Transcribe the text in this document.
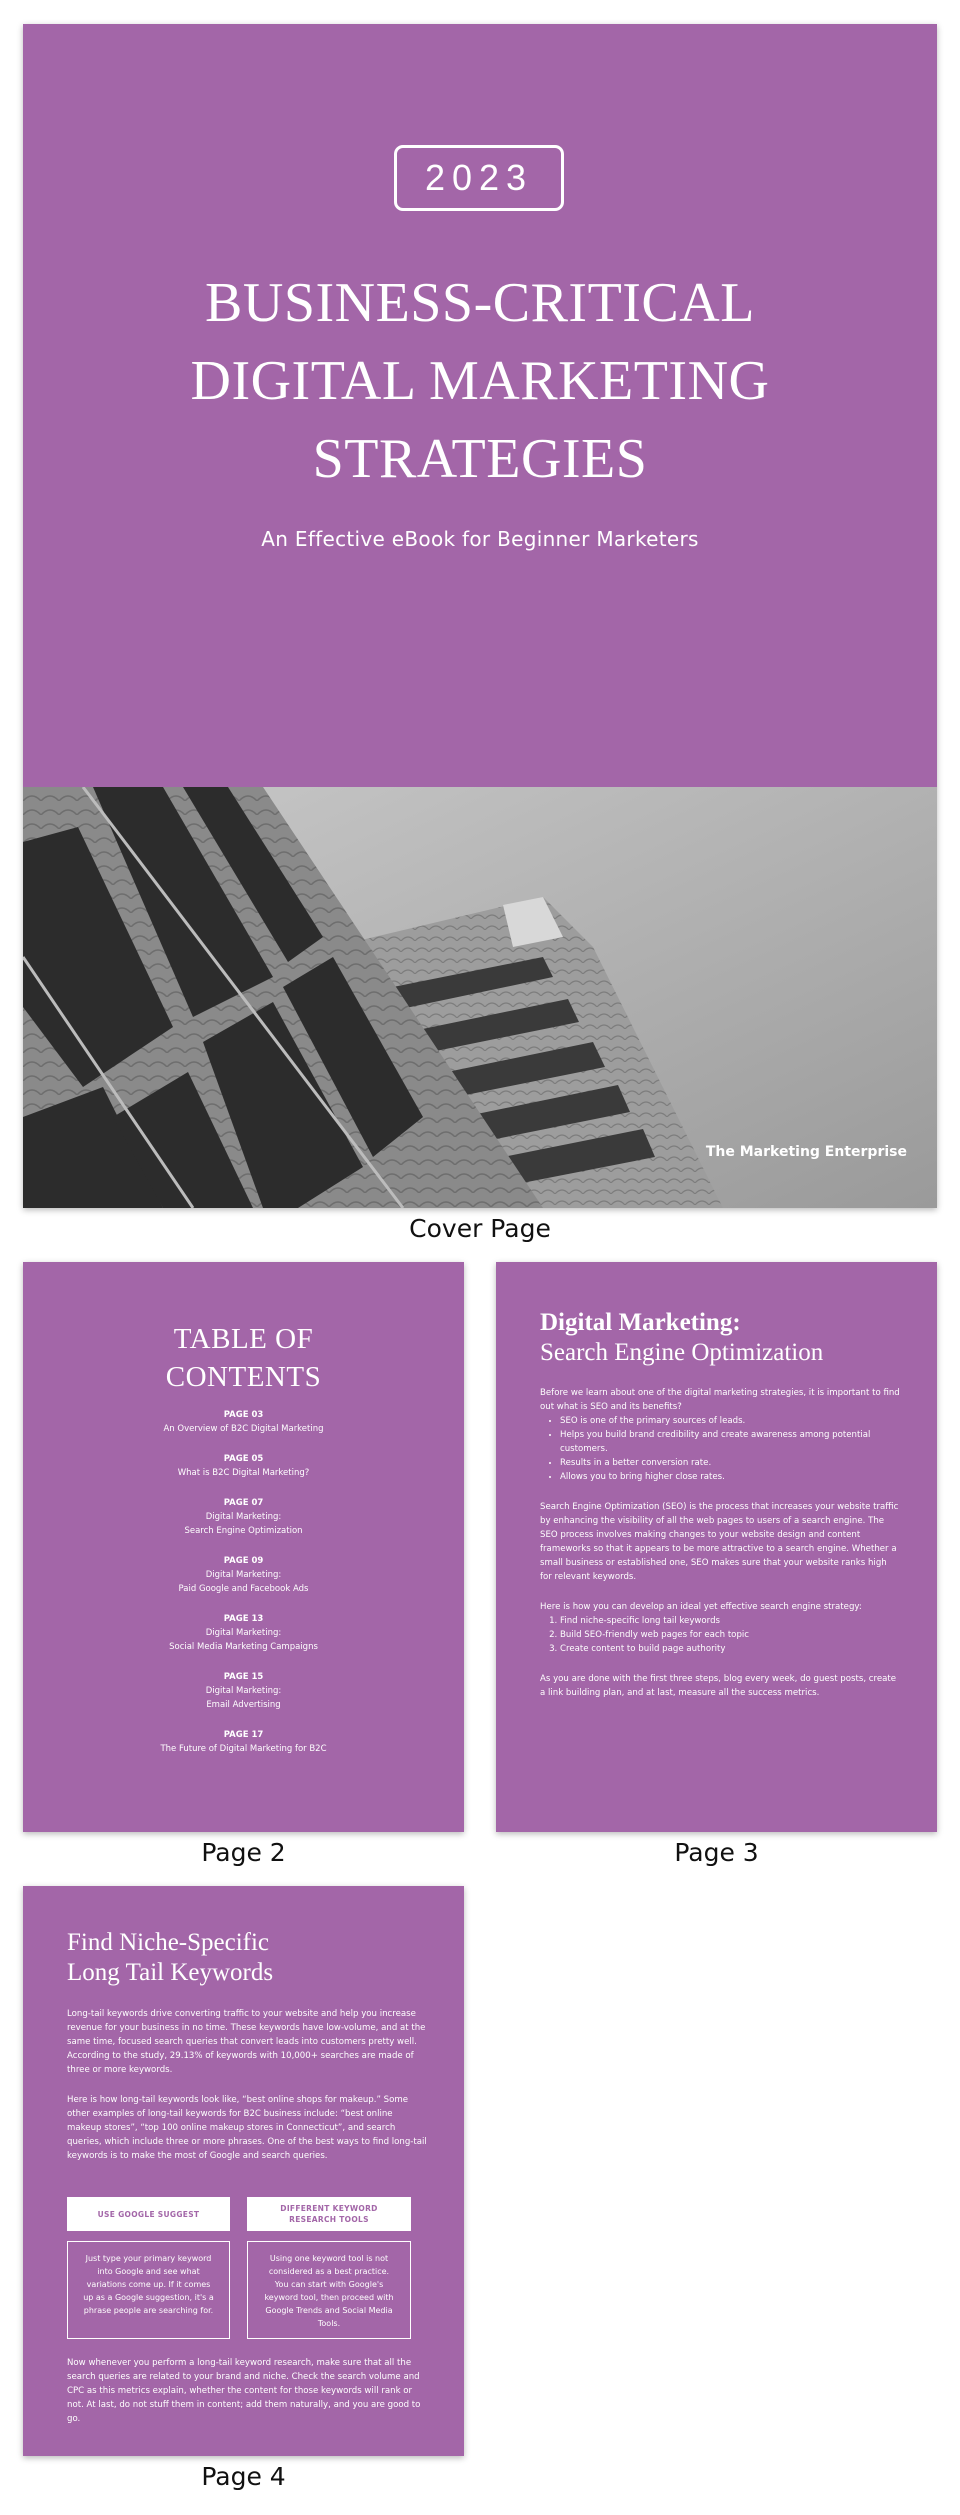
2023
BUSINESS-CRITICAL
DIGITAL MARKETING
STRATEGIES
An Effective eBook for Beginner Marketers
The Marketing Enterprise
Cover Page
TABLE OF
CONTENTS
PAGE 03
An Overview of B2C Digital Marketing
PAGE 05
What is B2C Digital Marketing?
PAGE 07
Digital Marketing:
Search Engine Optimization
PAGE 09
Digital Marketing:
Paid Google and Facebook Ads
PAGE 13
Digital Marketing:
Social Media Marketing Campaigns
PAGE 15
Digital Marketing:
Email Advertising
PAGE 17
The Future of Digital Marketing for B2C
Page 2
Digital Marketing:
Search Engine Optimization
Before we learn about one of the digital marketing strategies, it is important to find out what is SEO and its benefits?
• SEO is one of the primary sources of leads.
• Helps you build brand credibility and create awareness among potential customers.
• Results in a better conversion rate.
• Allows you to bring higher close rates.

Search Engine Optimization (SEO) is the process that increases your website traffic by enhancing the visibility of all the web pages to users of a search engine. The SEO process involves making changes to your website design and content frameworks so that it appears to be more attractive to a search engine. Whether a small business or established one, SEO makes sure that your website ranks high for relevant keywords.

Here is how you can develop an ideal yet effective search engine strategy:
1. Find niche-specific long tail keywords
2. Build SEO-friendly web pages for each topic
3. Create content to build page authority

As you are done with the first three steps, blog every week, do guest posts, create a link building plan, and at last, measure all the success metrics.

Page 3
Find Niche-Specific
Long Tail Keywords

Long-tail keywords drive converting traffic to your website and help you increase revenue for your business in no time. These keywords have low-volume, and at the same time, focused search queries that convert leads into customers pretty well. According to the study, 29.13% of keywords with 10,000+ searches are made of three or more keywords.

Here is how long-tail keywords look like, “best online shops for makeup.” Some other examples of long-tail keywords for B2C business include: “best online makeup stores”, “top 100 online makeup stores in Connecticut”, and search queries, which include three or more phrases. One of the best ways to find long-tail keywords is to make the most of Google and search queries.

USE GOOGLE SUGGEST
DIFFERENT KEYWORD RESEARCH TOOLS
Just type your primary keyword into Google and see what variations come up. If it comes up as a Google suggestion, it's a phrase people are searching for.
Using one keyword tool is not considered as a best practice. You can start with Google's keyword tool, then proceed with Google Trends and Social Media Tools.

Now whenever you perform a long-tail keyword research, make sure that all the search queries are related to your brand and niche. Check the search volume and CPC as this metrics explain, whether the content for those keywords will rank or not. At last, do not stuff them in content; add them naturally, and you are good to go.

Page 4
